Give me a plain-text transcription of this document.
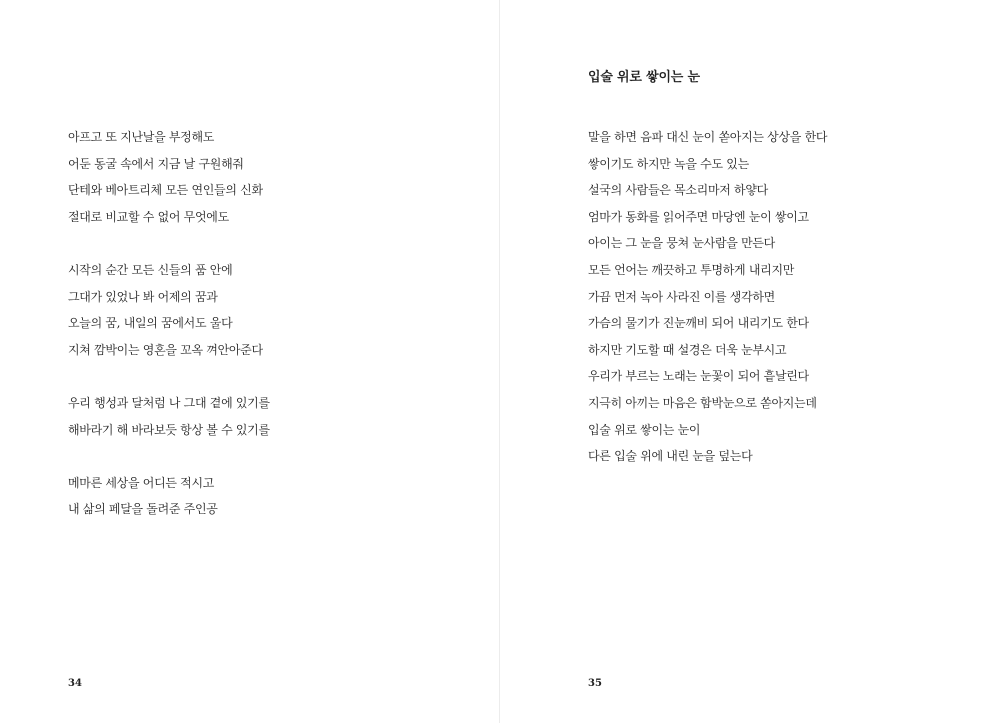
아프고 또 지난날을 부정해도
어둔 동굴 속에서 지금 날 구원해줘
단테와 베아트리체 모든 연인들의 신화
절대로 비교할 수 없어 무엇에도
시작의 순간 모든 신들의 품 안에
그대가 있었나 봐 어제의 꿈과
오늘의 꿈, 내일의 꿈에서도 울다
지쳐 깜박이는 영혼을 꼬옥 껴안아준다
우리 행성과 달처럼 나 그대 곁에 있기를
해바라기 해 바라보듯 항상 볼 수 있기를
메마른 세상을 어디든 적시고
내 삶의 페달을 돌려준 주인공
34
입술 위로 쌓이는 눈
말을 하면 음파 대신 눈이 쏟아지는 상상을 한다
쌓이기도 하지만 녹을 수도 있는
설국의 사람들은 목소리마저 하얗다
엄마가 동화를 읽어주면 마당엔 눈이 쌓이고
아이는 그 눈을 뭉쳐 눈사람을 만든다
모든 언어는 깨끗하고 투명하게 내리지만
가끔 먼저 녹아 사라진 이를 생각하면
가슴의 물기가 진눈깨비 되어 내리기도 한다
하지만 기도할 때 설경은 더욱 눈부시고
우리가 부르는 노래는 눈꽃이 되어 흩날린다
지극히 아끼는 마음은 함박눈으로 쏟아지는데
입술 위로 쌓이는 눈이
다른 입술 위에 내린 눈을 덮는다
35
